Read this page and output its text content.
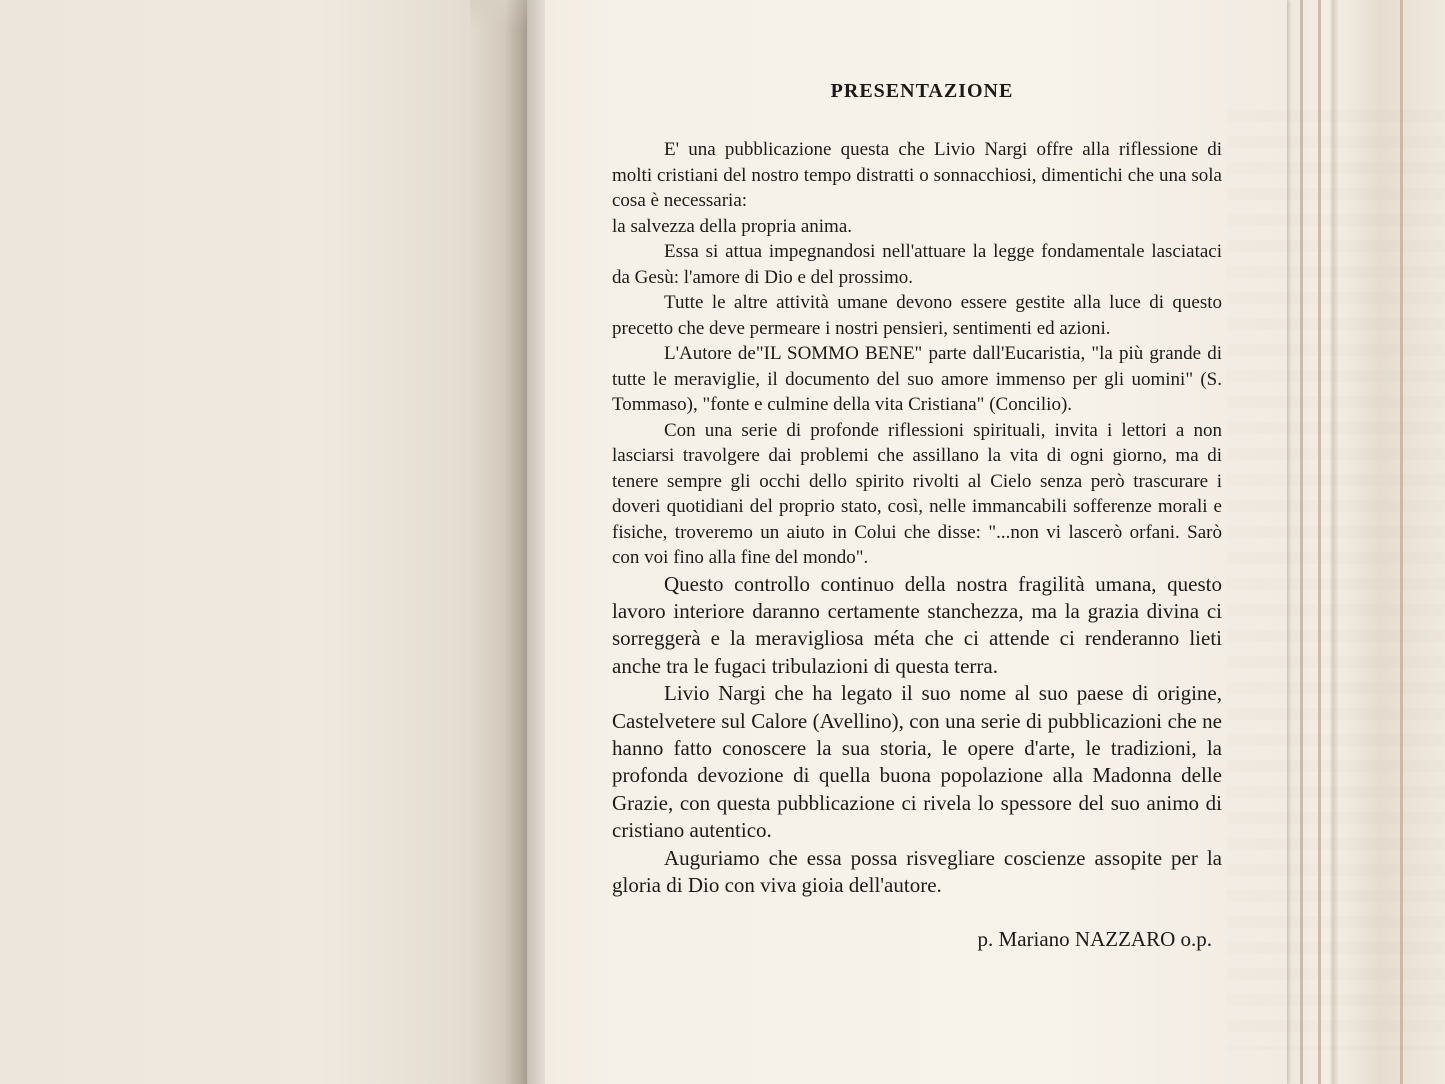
PRESENTAZIONE

E' una pubblicazione questa che Livio Nargi offre alla riflessione di molti cristiani del nostro tempo distratti o sonnacchiosi, dimentichi che una sola cosa è necessaria:

la salvezza della propria anima.

Essa si attua impegnandosi nell'attuare la legge fondamentale lasciataci da Gesù: l'amore di Dio e del prossimo.

Tutte le altre attività umane devono essere gestite alla luce di questo precetto che deve permeare i nostri pensieri, sentimenti ed azioni.

L'Autore de"IL SOMMO BENE" parte dall'Eucaristia, "la più grande di tutte le meraviglie, il documento del suo amore immenso per gli uomini" (S. Tommaso), "fonte e culmine della vita Cristiana" (Concilio).

Con una serie di profonde riflessioni spirituali, invita i lettori a non lasciarsi travolgere dai problemi che assillano la vita di ogni giorno, ma di tenere sempre gli occhi dello spirito rivolti al Cielo senza però trascurare i doveri quotidiani del proprio stato, così, nelle immancabili sofferenze morali e fisiche, troveremo un aiuto in Colui che disse: "...non vi lascerò orfani. Sarò con voi fino alla fine del mondo".

Questo controllo continuo della nostra fragilità umana, questo lavoro interiore daranno certamente stanchezza, ma la grazia divina ci sorreggerà e la meravigliosa méta che ci attende ci renderanno lieti anche tra le fugaci tribulazioni di questa terra.

Livio Nargi che ha legato il suo nome al suo paese di origine, Castelvetere sul Calore (Avellino), con una serie di pubblicazioni che ne hanno fatto conoscere la sua storia, le opere d'arte, le tradizioni, la profonda devozione di quella buona popolazione alla Madonna delle Grazie, con questa pubblicazione ci rivela lo spessore del suo animo di cristiano autentico.

Auguriamo che essa possa risvegliare coscienze assopite per la gloria di Dio con viva gioia dell'autore.

p. Mariano NAZZARO o.p.
